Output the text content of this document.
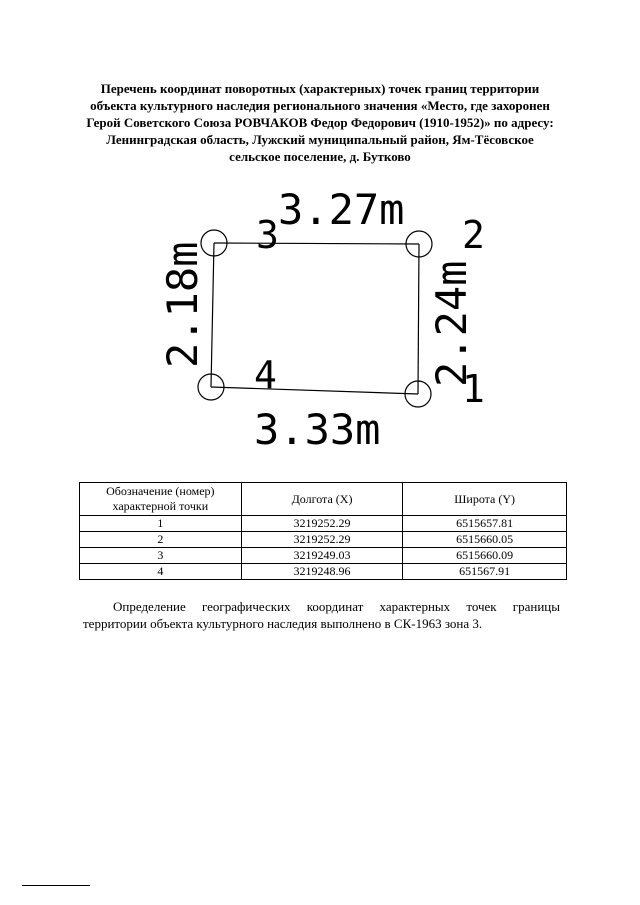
Перечень координат поворотных (характерных) точек границ территории
объекта культурного наследия регионального значения «Место, где захоронен
Герой Советского Союза РОВЧАКОВ Федор Федорович (1910-1952)» по адресу:
Ленинградская область, Лужский муниципальный район, Ям-Тёсовское
сельское поселение, д. Бутково
3.27m
2.18m	2.24m
3.33m
1
2
3
4
Обозначение (номер) характерной точки	Долгота (X)	Широта (Y)
1	3219252.29	6515657.81
2	3219252.29	6515660.05
3	3219249.03	6515660.09
4	3219248.96	651567.91
Определение географических координат характерных точек границы территории объекта культурного наследия выполнено в СК-1963 зона 3.
